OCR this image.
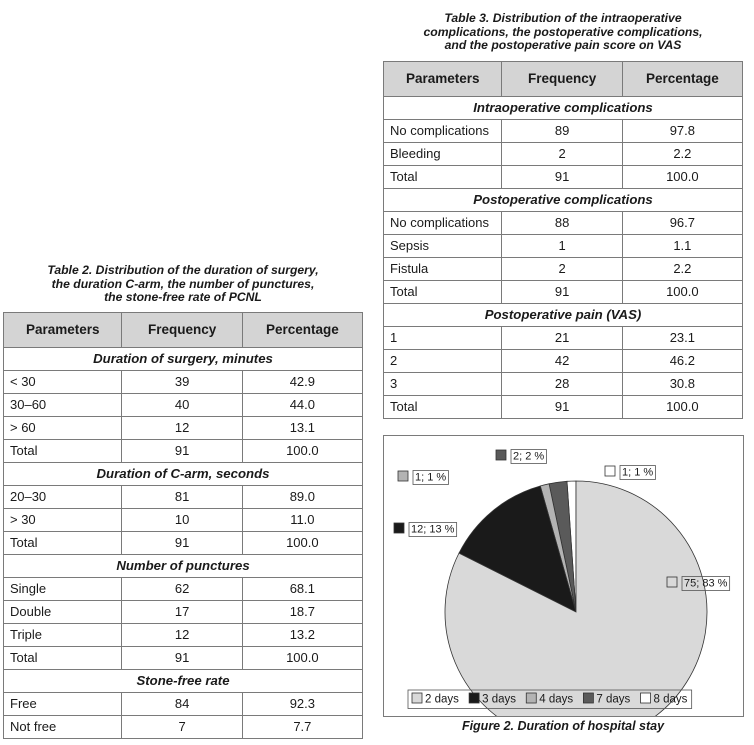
Table 2. Distribution of the duration of surgery,
the duration C-arm, the number of punctures,
the stone-free rate of PCNL
Parameters	Frequency	Percentage
Duration of surgery, minutes		
< 30	39	42.9
30–60	40	44.0
> 60	12	13.1
Total	91	100.0
Duration of C-arm, seconds		
20–30	81	89.0
> 30	10	11.0
Total	91	100.0
Number of punctures		
Single	62	68.1
Double	17	18.7
Triple	12	13.2
Total	91	100.0
Stone-free rate		
Free	84	92.3
Not free	7	7.7
Table 3. Distribution of the intraoperative
complications, the postoperative complications,
and the postoperative pain score on VAS
Parameters	Frequency	Percentage
Intraoperative complications		
No complications	89	97.8
Bleeding	2	2.2
Total	91	100.0
Postoperative complications		
No complications	88	96.7
Sepsis	1	1.1
Fistula	2	2.2
Total	91	100.0
Postoperative pain (VAS)		
1	21	23.1
2	42	46.2
3	28	30.8
Total	91	100.0
75; 83 %
12; 13 %
1; 1 %
2; 2 %
1; 1 %
2 days 3 days 4 days 7 days 8 days
Figure 2. Duration of hospital stay
